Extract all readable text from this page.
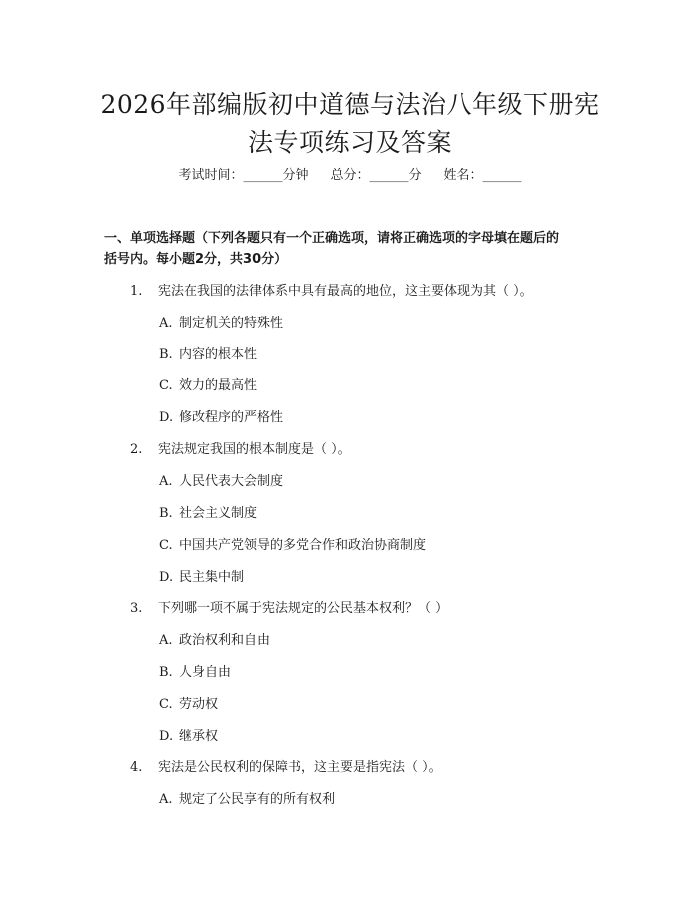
2026年部编版初中道德与法治八年级下册宪
法专项练习及答案
考试时间：______分钟 总分：______分 姓名：______
一、单项选择题（下列各题只有一个正确选项，请将正确选项的字母填在题后的
括号内。每小题2分，共30分）
1. 宪法在我国的法律体系中具有最高的地位，这主要体现为其（ ）。
A. 制定机关的特殊性
B. 内容的根本性
C. 效力的最高性
D. 修改程序的严格性
2. 宪法规定我国的根本制度是（ ）。
A. 人民代表大会制度
B. 社会主义制度
C. 中国共产党领导的多党合作和政治协商制度
D. 民主集中制
3. 下列哪一项不属于宪法规定的公民基本权利？（ ）
A. 政治权利和自由
B. 人身自由
C. 劳动权
D. 继承权
4. 宪法是公民权利的保障书，这主要是指宪法（ ）。
A. 规定了公民享有的所有权利
